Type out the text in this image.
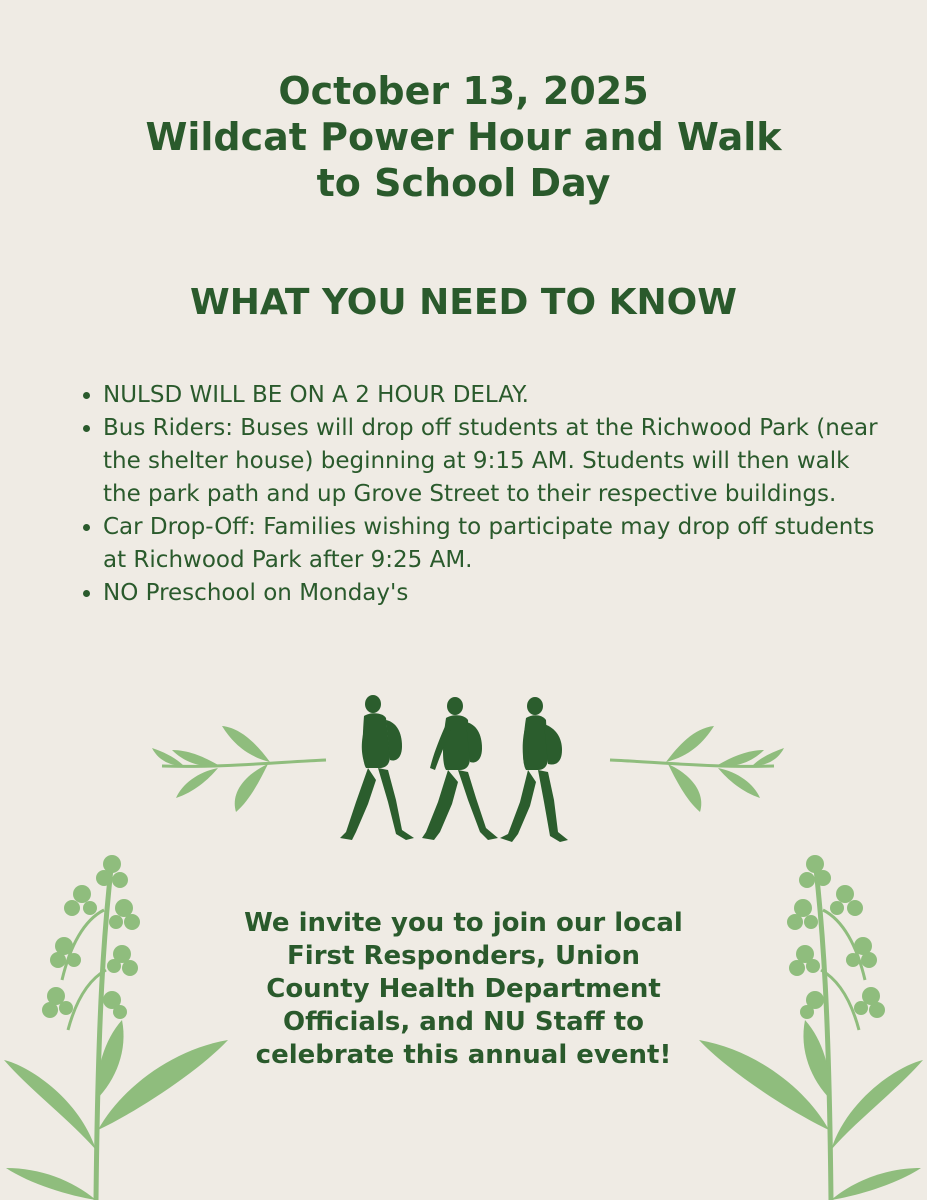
October 13, 2025
Wildcat Power Hour and Walk
to School Day
WHAT YOU NEED TO KNOW
• NULSD WILL BE ON A 2 HOUR DELAY.
• Bus Riders: Buses will drop off students at the Richwood Park (near the shelter house) beginning at 9:15 AM. Students will then walk the park path and up Grove Street to their respective buildings.
• Car Drop-Off: Families wishing to participate may drop off students at Richwood Park after 9:25 AM.
• NO Preschool on Monday's

We invite you to join our local
First Responders, Union
County Health Department
Officials, and NU Staff to
celebrate this annual event!
